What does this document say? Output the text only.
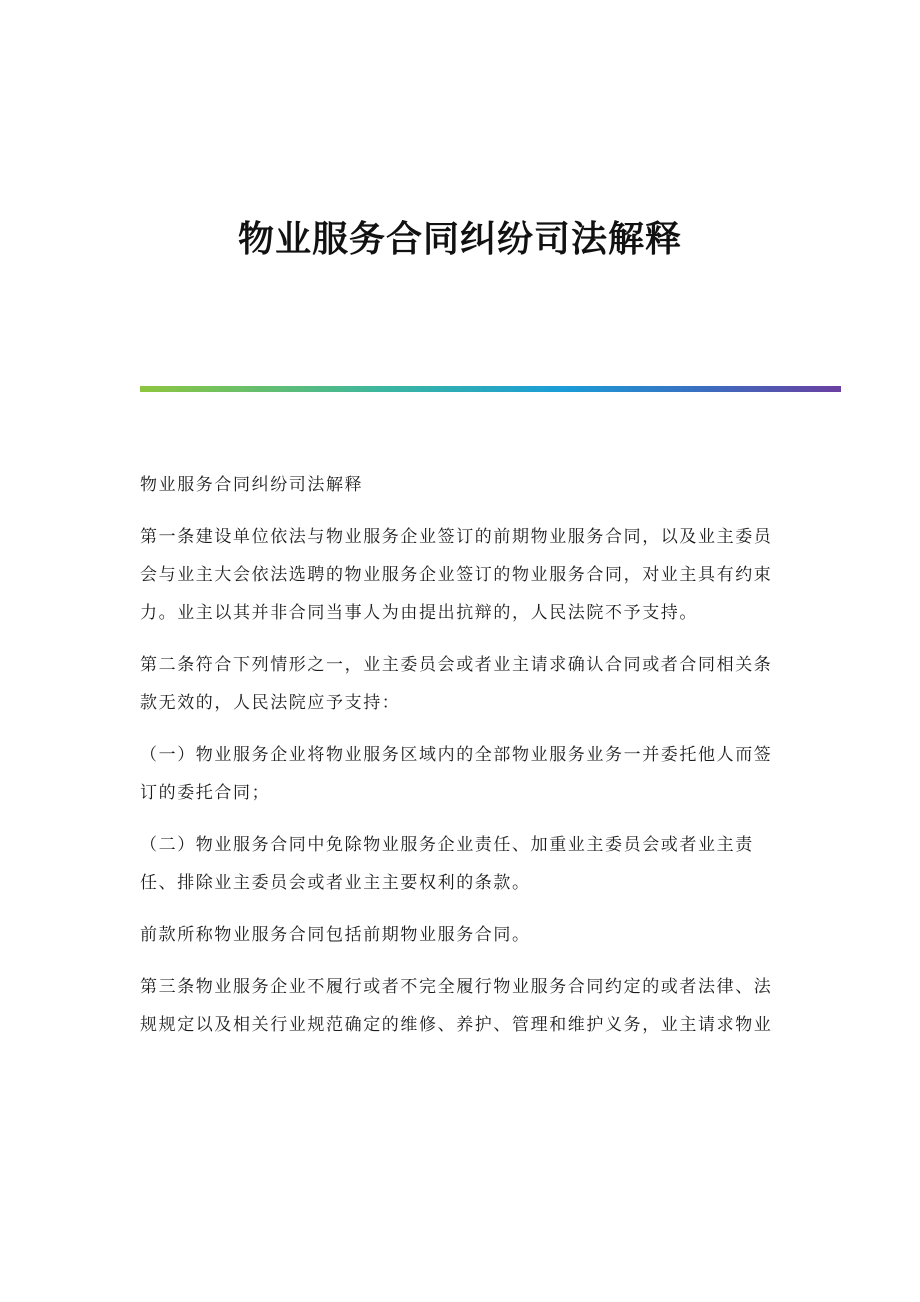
物业服务合同纠纷司法解释

物业服务合同纠纷司法解释

第一条建设单位依法与物业服务企业签订的前期物业服务合同，以及业主委员会与业主大会依法选聘的物业服务企业签订的物业服务合同，对业主具有约束力。业主以其并非合同当事人为由提出抗辩的，人民法院不予支持。

第二条符合下列情形之一，业主委员会或者业主请求确认合同或者合同相关条款无效的，人民法院应予支持：

（一）物业服务企业将物业服务区域内的全部物业服务业务一并委托他人而签订的委托合同；

（二）物业服务合同中免除物业服务企业责任、加重业主委员会或者业主责任、排除业主委员会或者业主主要权利的条款。

前款所称物业服务合同包括前期物业服务合同。

第三条物业服务企业不履行或者不完全履行物业服务合同约定的或者法律、法规规定以及相关行业规范确定的维修、养护、管理和维护义务，业主请求物业
